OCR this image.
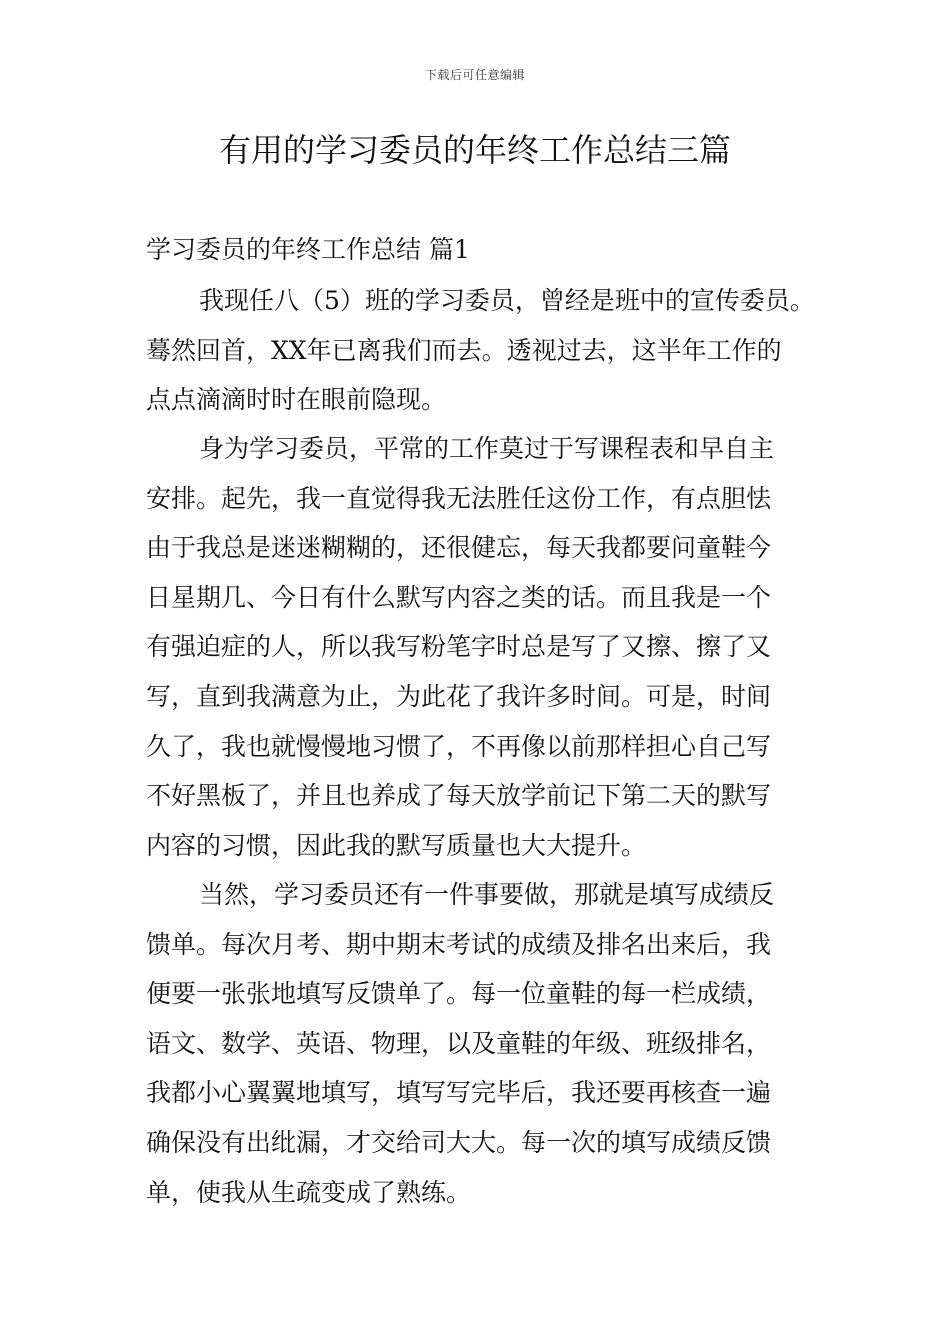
下载后可任意编辑
有用的学习委员的年终工作总结三篇
学习委员的年终工作总结 篇1

我现任八（5）班的学习委员，曾经是班中的宣传委员。
蓦然回首，XX年已离我们而去。透视过去，这半年工作的
点点滴滴时时在眼前隐现。

身为学习委员，平常的工作莫过于写课程表和早自主
安排。起先，我一直觉得我无法胜任这份工作，有点胆怯
由于我总是迷迷糊糊的，还很健忘，每天我都要问童鞋今
日星期几、今日有什么默写内容之类的话。而且我是一个
有强迫症的人，所以我写粉笔字时总是写了又擦、擦了又
写，直到我满意为止，为此花了我许多时间。可是，时间
久了，我也就慢慢地习惯了，不再像以前那样担心自己写
不好黑板了，并且也养成了每天放学前记下第二天的默写
内容的习惯，因此我的默写质量也大大提升。

当然，学习委员还有一件事要做，那就是填写成绩反
馈单。每次月考、期中期末考试的成绩及排名出来后，我
便要一张张地填写反馈单了。每一位童鞋的每一栏成绩，
语文、数学、英语、物理，以及童鞋的年级、班级排名，
我都小心翼翼地填写，填写写完毕后，我还要再核查一遍
确保没有出纰漏，才交给司大大。每一次的填写成绩反馈
单，使我从生疏变成了熟练。
